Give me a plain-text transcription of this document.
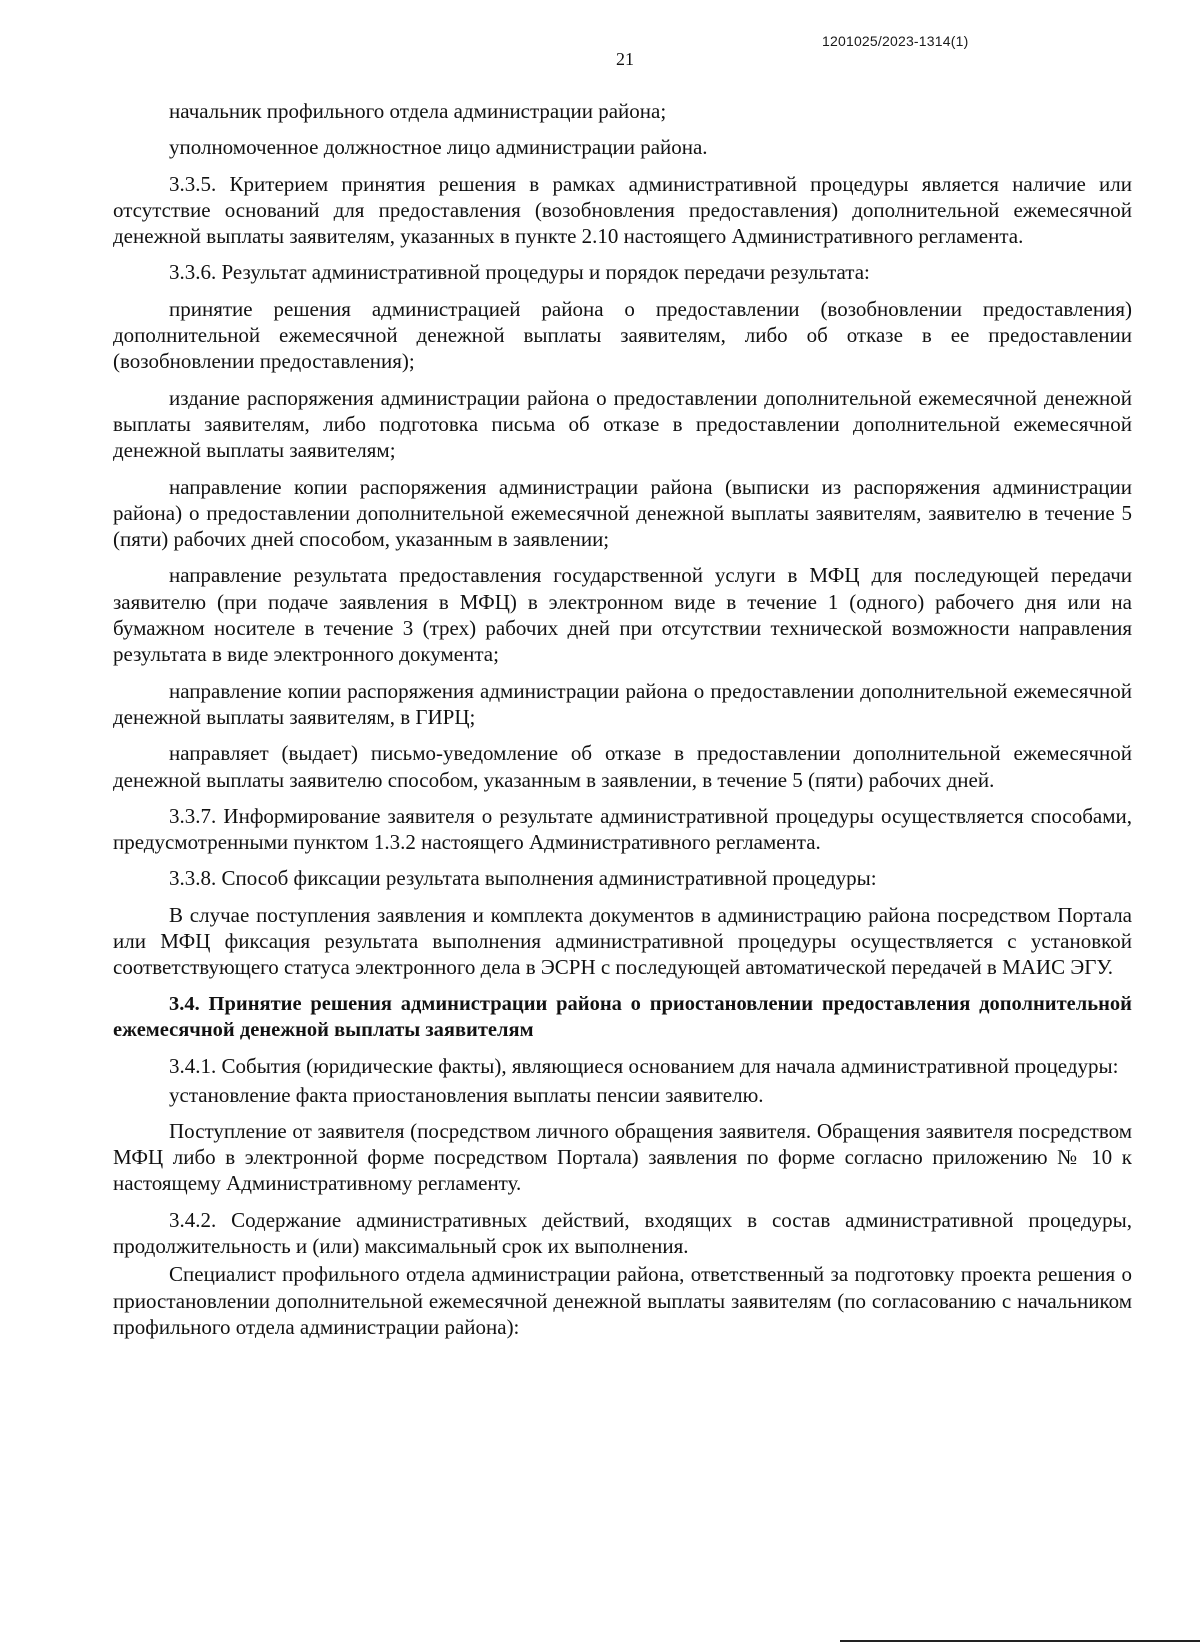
1201025/2023-1314(1)
21

начальник профильного отдела администрации района;

уполномоченное должностное лицо администрации района.

3.3.5. Критерием принятия решения в рамках административной процедуры является наличие или отсутствие оснований для предоставления (возобновления предоставления) дополнительной ежемесячной денежной выплаты заявителям, указанных в пункте 2.10 настоящего Административного регламента.

3.3.6. Результат административной процедуры и порядок передачи результата:

принятие решения администрацией района о предоставлении (возобновлении предоставления) дополнительной ежемесячной денежной выплаты заявителям, либо об отказе в ее предоставлении (возобновлении предоставления);

издание распоряжения администрации района о предоставлении дополнительной ежемесячной денежной выплаты заявителям, либо подготовка письма об отказе в предоставлении дополнительной ежемесячной денежной выплаты заявителям;

направление копии распоряжения администрации района (выписки из распоряжения администрации района) о предоставлении дополнительной ежемесячной денежной выплаты заявителям, заявителю в течение 5 (пяти) рабочих дней способом, указанным в заявлении;

направление результата предоставления государственной услуги в МФЦ для последующей передачи заявителю (при подаче заявления в МФЦ) в электронном виде в течение 1 (одного) рабочего дня или на бумажном носителе в течение 3 (трех) рабочих дней при отсутствии технической возможности направления результата в виде электронного документа;

направление копии распоряжения администрации района о предоставлении дополнительной ежемесячной денежной выплаты заявителям, в ГИРЦ;

направляет (выдает) письмо-уведомление об отказе в предоставлении дополнительной ежемесячной денежной выплаты заявителю способом, указанным в заявлении, в течение 5 (пяти) рабочих дней.

3.3.7. Информирование заявителя о результате административной процедуры осуществляется способами, предусмотренными пунктом 1.3.2 настоящего Административного регламента.

3.3.8. Способ фиксации результата выполнения административной процедуры:

В случае поступления заявления и комплекта документов в администрацию района посредством Портала или МФЦ фиксация результата выполнения административной процедуры осуществляется с установкой соответствующего статуса электронного дела в ЭСРН с последующей автоматической передачей в МАИС ЭГУ.

3.4. Принятие решения администрации района о приостановлении предоставления дополнительной ежемесячной денежной выплаты заявителям

3.4.1. События (юридические факты), являющиеся основанием для начала административной процедуры:

установление факта приостановления выплаты пенсии заявителю.

Поступление от заявителя (посредством личного обращения заявителя. Обращения заявителя посредством МФЦ либо в электронной форме посредством Портала) заявления по форме согласно приложению № 10 к настоящему Административному регламенту.

3.4.2. Содержание административных действий, входящих в состав административной процедуры, продолжительность и (или) максимальный срок их выполнения.

Специалист профильного отдела администрации района, ответственный за подготовку проекта решения о приостановлении дополнительной ежемесячной денежной выплаты заявителям (по согласованию с начальником профильного отдела администрации района):
